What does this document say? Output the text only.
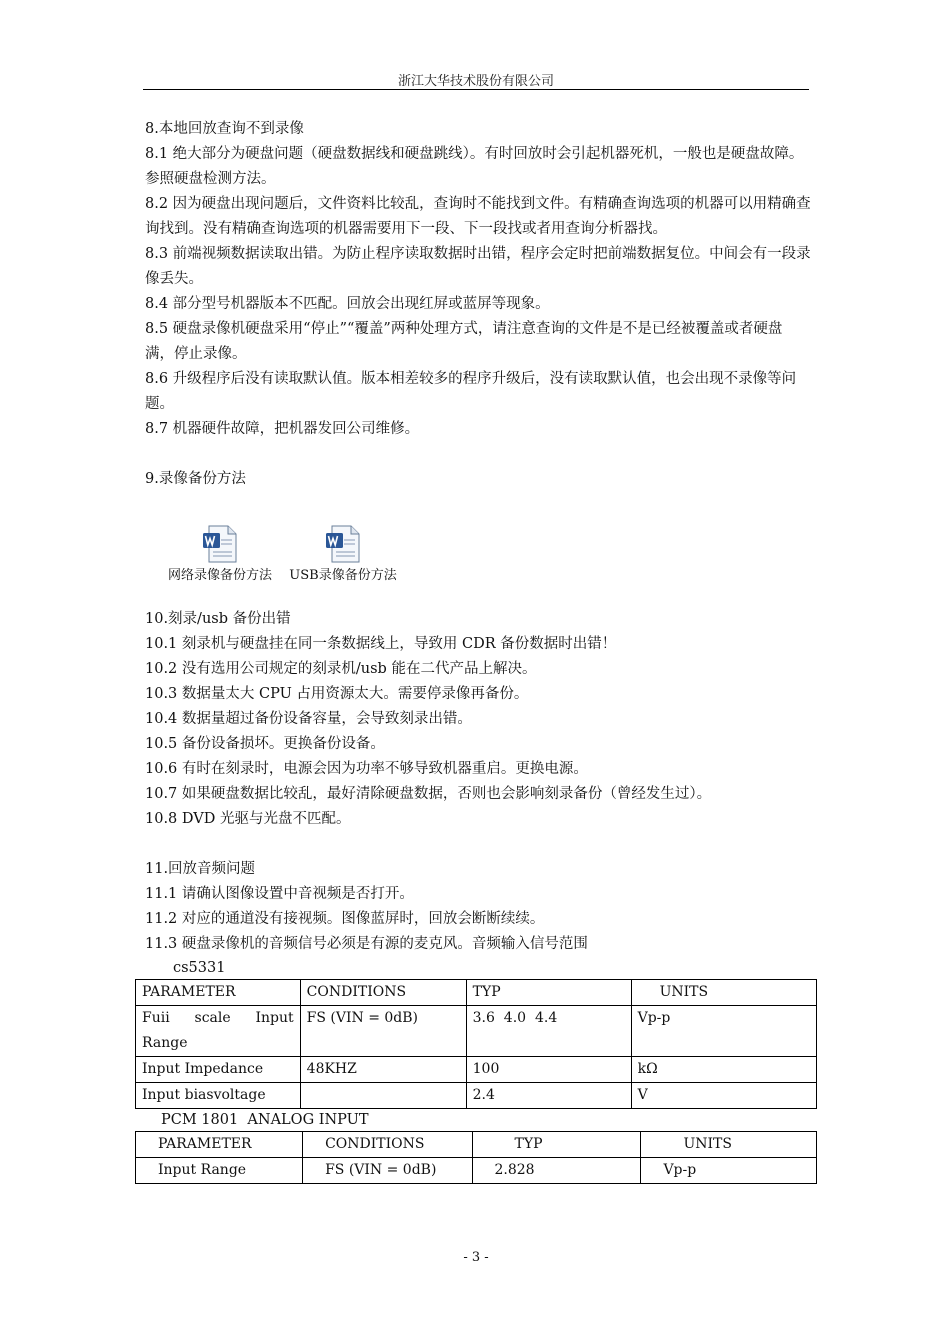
浙江大华技术股份有限公司

8.本地回放查询不到录像

8.1 绝大部分为硬盘问题（硬盘数据线和硬盘跳线）。有时回放时会引起机器死机，一般也是硬盘故障。参照硬盘检测方法。

8.2 因为硬盘出现问题后，文件资料比较乱，查询时不能找到文件。有精确查询选项的机器可以用精确查询找到。没有精确查询选项的机器需要用下一段、下一段找或者用查询分析器找。

8.3 前端视频数据读取出错。为防止程序读取数据时出错，程序会定时把前端数据复位。中间会有一段录像丢失。

8.4 部分型号机器版本不匹配。回放会出现红屏或蓝屏等现象。

8.5 硬盘录像机硬盘采用“停止”“覆盖”两种处理方式，请注意查询的文件是不是已经被覆盖或者硬盘满，停止录像。

8.6 升级程序后没有读取默认值。版本相差较多的程序升级后，没有读取默认值，也会出现不录像等问题。

8.7 机器硬件故障，把机器发回公司维修。

9.录像备份方法

网络录像备份方法	USB录像备份方法

10.刻录/usb 备份出错

10.1 刻录机与硬盘挂在同一条数据线上，导致用 CDR 备份数据时出错！

10.2 没有选用公司规定的刻录机/usb 能在二代产品上解决。

10.3 数据量太大 CPU 占用资源太大。需要停录像再备份。

10.4 数据量超过备份设备容量，会导致刻录出错。

10.5 备份设备损坏。更换备份设备。

10.6 有时在刻录时，电源会因为功率不够导致机器重启。更换电源。

10.7 如果硬盘数据比较乱，最好清除硬盘数据，否则也会影响刻录备份（曾经发生过）。

10.8 DVD 光驱与光盘不匹配。

11.回放音频问题

11.1 请确认图像设置中音视频是否打开。

11.2 对应的通道没有接视频。图像蓝屏时，回放会断断续续。

11.3 硬盘录像机的音频信号必须是有源的麦克风。音频输入信号范围

cs5331

PARAMETER	CONDITIONS	TYP	UNITS
Fuii scale Input Range	FS (VIN = 0dB)	3.6  4.0  4.4	Vp-p
Input Impedance	48KHZ	100	kΩ
Input biasvoltage		2.4	V

PCM 1801  ANALOG INPUT

PARAMETER	CONDITIONS	TYP	UNITS
Input Range	FS (VIN = 0dB)	2.828	Vp-p
- 3 -
